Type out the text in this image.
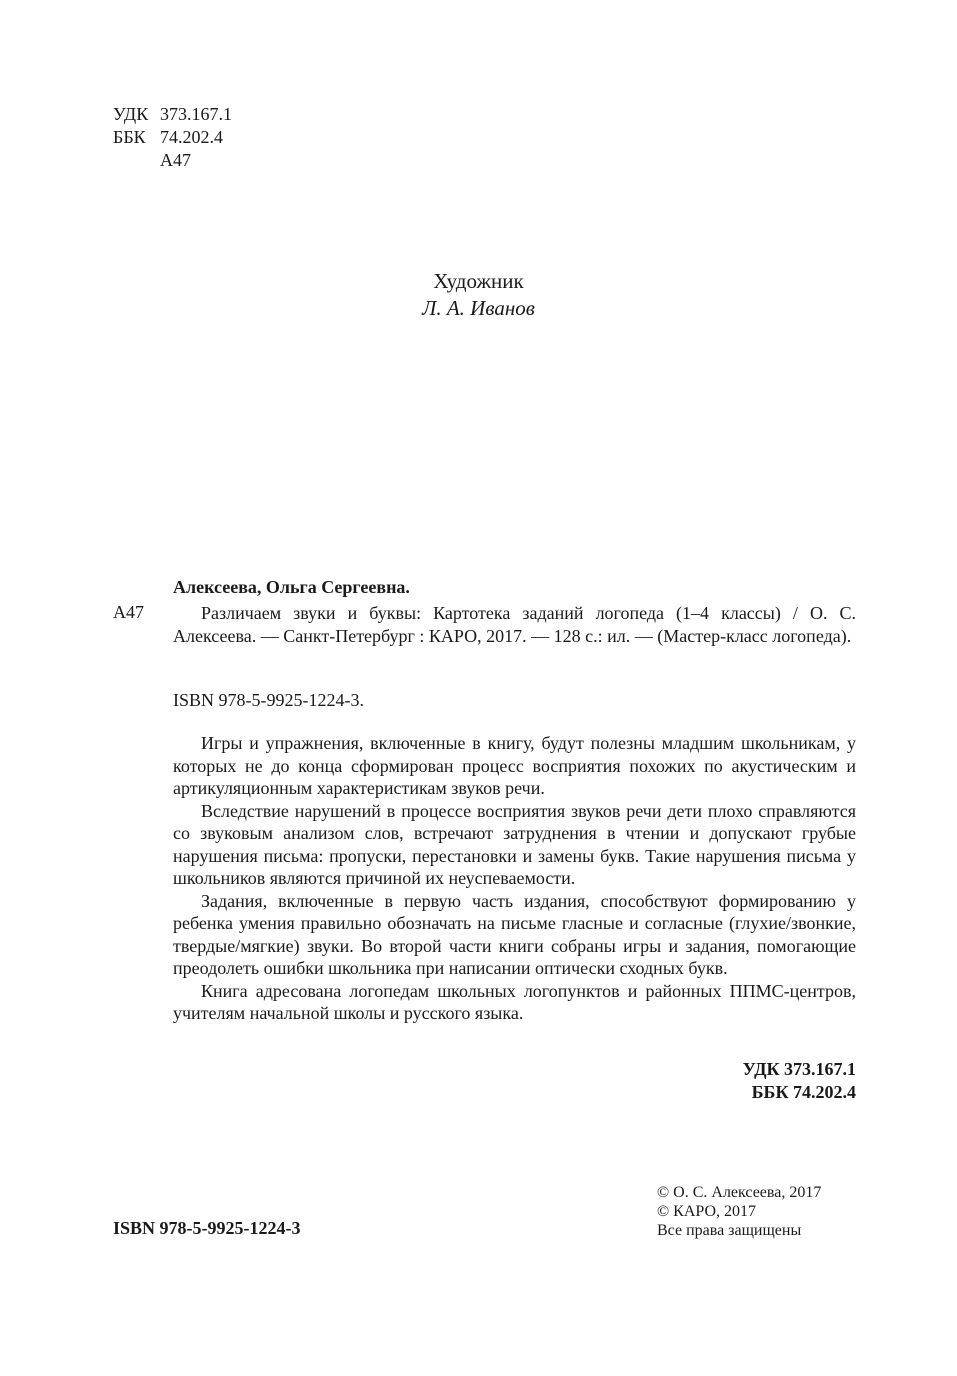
УДК 373.167.1
ББК 74.202.4
А47
Художник
Л. А. Иванов
Алексеева, Ольга Сергеевна.
А47	Различаем звуки и буквы: Картотека заданий логопеда (1–4 классы) / О. С. Алексеева. — Санкт-Петербург : КАРО, 2017. — 128 с.: ил. — (Мастер-класс логопеда).
ISBN 978-5-9925-1224-3.

Игры и упражнения, включенные в книгу, будут полезны младшим школьникам, у которых не до конца сформирован процесс восприятия похожих по акустическим и артикуляционным характеристикам звуков речи.

Вследствие нарушений в процессе восприятия звуков речи дети плохо справляются со звуковым анализом слов, встречают затруднения в чтении и допускают грубые нарушения письма: пропуски, перестановки и замены букв. Такие нарушения письма у школьников являются причиной их неуспеваемости.

Задания, включенные в первую часть издания, способствуют формированию у ребенка умения правильно обозначать на письме гласные и согласные (глухие/звонкие, твердые/мягкие) звуки. Во второй части книги собраны игры и задания, помогающие преодолеть ошибки школьника при написании оптически сходных букв.

Книга адресована логопедам школьных логопунктов и районных ППМС-центров, учителям начальной школы и русского языка.

УДК 373.167.1
ББК 74.202.4
ISBN 978-5-9925-1224-3
© О. С. Алексеева, 2017
© КАРО, 2017
Все права защищены
